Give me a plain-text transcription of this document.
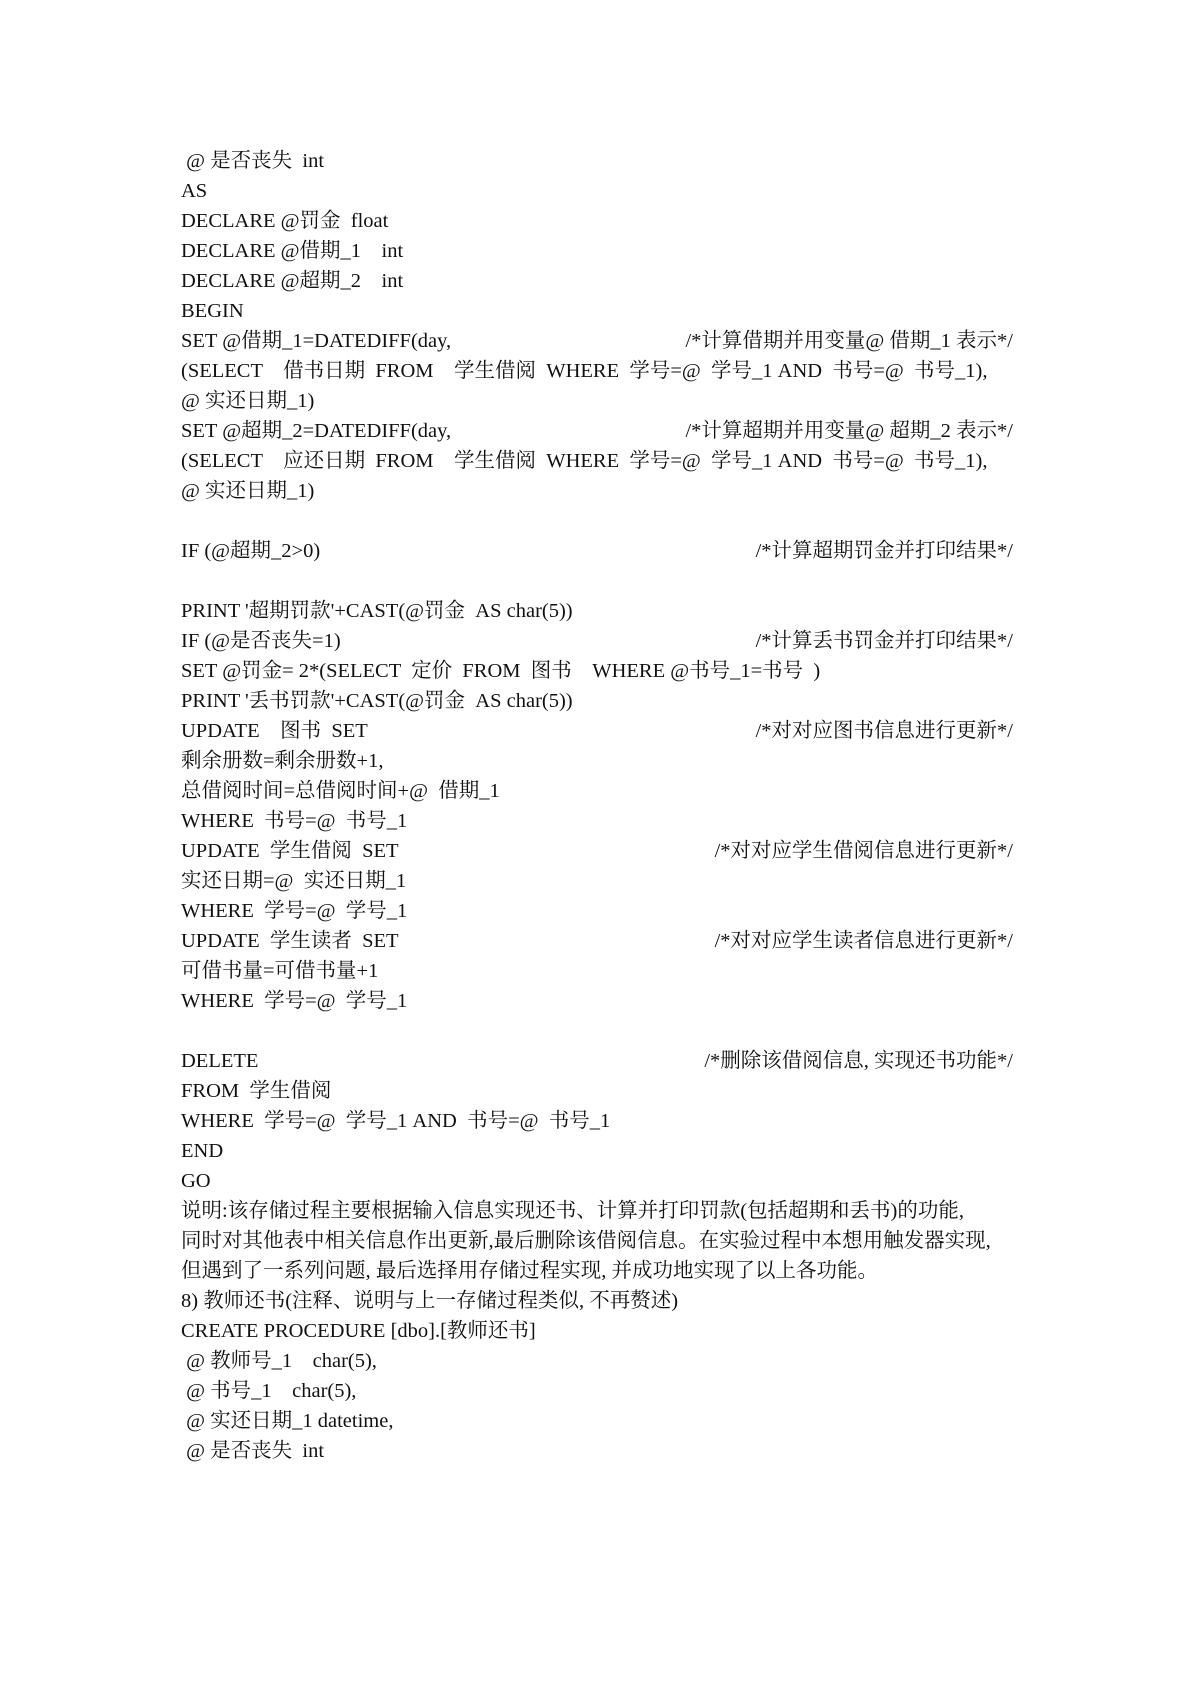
@ 是否丧失  int

AS

DECLARE @罚金  float

DECLARE @借期_1    int

DECLARE @超期_2    int

BEGIN

SET @借期_1=DATEDIFF(day,

	/*计算借期并用变量@ 借期_1 表示*/

(SELECT    借书日期  FROM    学生借阅  WHERE  学号=@  学号_1 AND  书号=@  书号_1),

@ 实还日期_1)

SET @超期_2=DATEDIFF(day,

	/*计算超期并用变量@ 超期_2 表示*/

(SELECT    应还日期  FROM    学生借阅  WHERE  学号=@  学号_1 AND  书号=@  书号_1),

@ 实还日期_1)

IF (@超期_2>0)

	/*计算超期罚金并打印结果*/

PRINT '超期罚款'+CAST(@罚金  AS char(5))

IF (@是否丧失=1)

	/*计算丢书罚金并打印结果*/

SET @罚金= 2*(SELECT  定价  FROM  图书    WHERE @书号_1=书号  )

PRINT '丢书罚款'+CAST(@罚金  AS char(5))

UPDATE    图书  SET

	/*对对应图书信息进行更新*/

剩余册数=剩余册数+1,

总借阅时间=总借阅时间+@  借期_1

WHERE  书号=@  书号_1

UPDATE  学生借阅  SET

	/*对对应学生借阅信息进行更新*/

实还日期=@  实还日期_1

WHERE  学号=@  学号_1

UPDATE  学生读者  SET

	/*对对应学生读者信息进行更新*/

可借书量=可借书量+1

WHERE  学号=@  学号_1

DELETE

	/*删除该借阅信息, 实现还书功能*/

FROM  学生借阅

WHERE  学号=@  学号_1 AND  书号=@  书号_1

END

GO

说明:该存储过程主要根据输入信息实现还书、计算并打印罚款(包括超期和丢书)的功能,

同时对其他表中相关信息作出更新,最后删除该借阅信息。在实验过程中本想用触发器实现,

但遇到了一系列问题, 最后选择用存储过程实现, 并成功地实现了以上各功能。

8) 教师还书(注释、说明与上一存储过程类似, 不再赘述)

CREATE PROCEDURE [dbo].[教师还书]

@ 教师号_1    char(5),

@ 书号_1    char(5),

@ 实还日期_1 datetime,

@ 是否丧失  int
